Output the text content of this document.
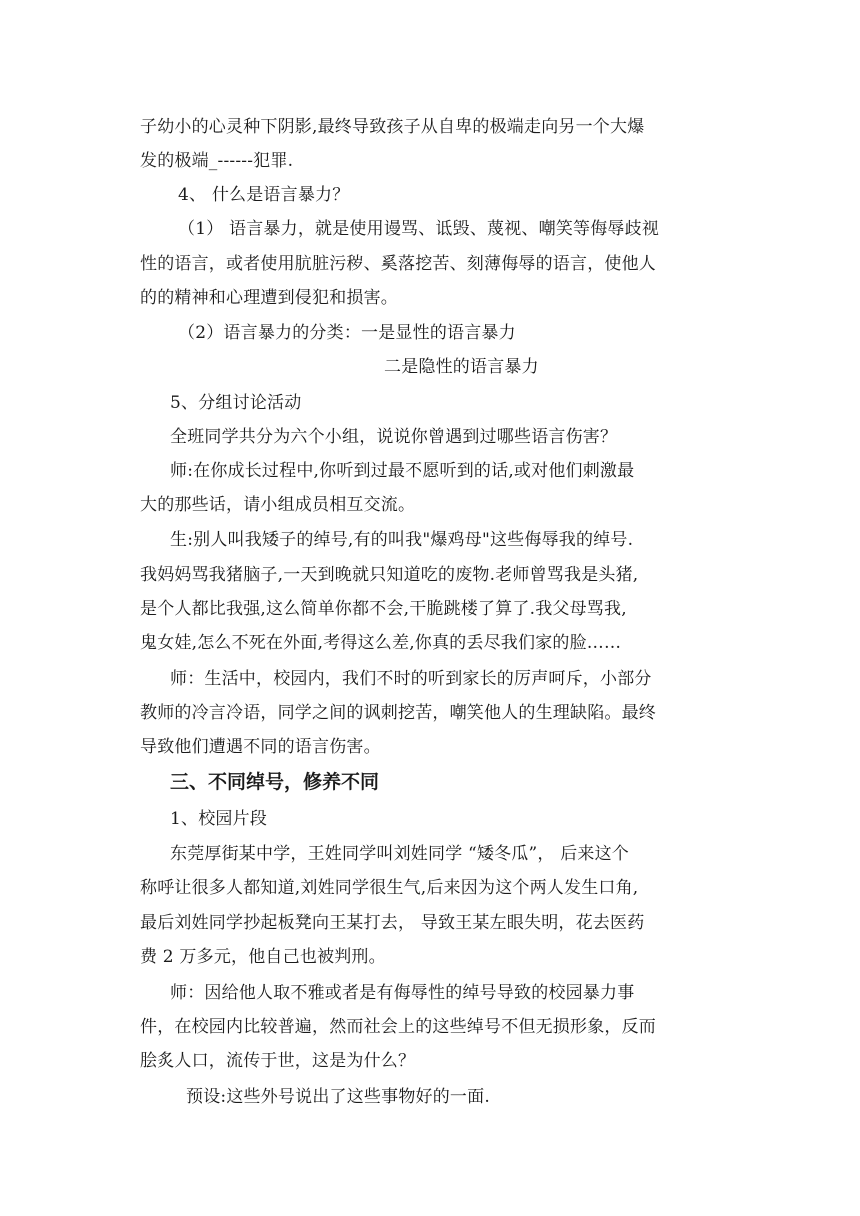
子幼小的心灵种下阴影,最终导致孩子从自卑的极端走向另一个大爆
发的极端_------犯罪.
4、 什么是语言暴力？
（1） 语言暴力，就是使用谩骂、诋毁、蔑视、嘲笑等侮辱歧视
性的语言，或者使用肮脏污秽、奚落挖苦、刻薄侮辱的语言，使他人
的的精神和心理遭到侵犯和损害。
（2）语言暴力的分类：一是显性的语言暴力
二是隐性的语言暴力
5、分组讨论活动
全班同学共分为六个小组，说说你曾遇到过哪些语言伤害？
师:在你成长过程中,你听到过最不愿听到的话,或对他们刺激最
大的那些话，请小组成员相互交流。
生:别人叫我矮子的绰号,有的叫我"爆鸡母"这些侮辱我的绰号.
我妈妈骂我猪脑子,一天到晚就只知道吃的废物.老师曾骂我是头猪,
是个人都比我强,这么简单你都不会,干脆跳楼了算了.我父母骂我,
鬼女娃,怎么不死在外面,考得这么差,你真的丢尽我们家的脸……
师：生活中，校园内，我们不时的听到家长的厉声呵斥，小部分
教师的冷言冷语，同学之间的讽刺挖苦，嘲笑他人的生理缺陷。最终
导致他们遭遇不同的语言伤害。
三、不同绰号，修养不同
1、校园片段
东莞厚街某中学，王姓同学叫刘姓同学 “矮冬瓜”， 后来这个
称呼让很多人都知道,刘姓同学很生气,后来因为这个两人发生口角,
最后刘姓同学抄起板凳向王某打去， 导致王某左眼失明，花去医药
费 2 万多元，他自己也被判刑。
师：因给他人取不雅或者是有侮辱性的绰号导致的校园暴力事
件，在校园内比较普遍，然而社会上的这些绰号不但无损形象，反而
脍炙人口，流传于世，这是为什么？
预设:这些外号说出了这些事物好的一面.
